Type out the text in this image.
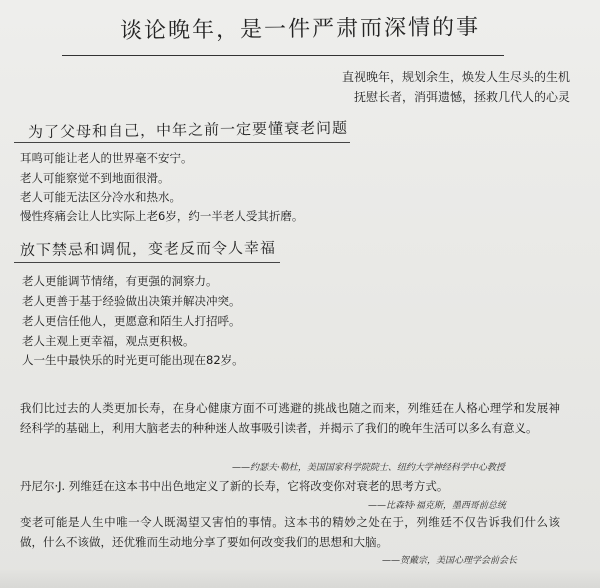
谈论晚年，是一件严肃而深情的事
直视晚年，规划余生，焕发人生尽头的生机
抚慰长者，消弭遗憾，拯救几代人的心灵
为了父母和自己，中年之前一定要懂衰老问题
耳鸣可能让老人的世界毫不安宁。
老人可能察觉不到地面很滑。
老人可能无法区分冷水和热水。
慢性疼痛会让人比实际上老6岁，约一半老人受其折磨。
放下禁忌和调侃，变老反而令人幸福
老人更能调节情绪，有更强的洞察力。
老人更善于基于经验做出决策并解决冲突。
老人更信任他人，更愿意和陌生人打招呼。
老人主观上更幸福，观点更积极。
人一生中最快乐的时光更可能出现在82岁。
我们比过去的人类更加长寿，在身心健康方面不可逃避的挑战也随之而来，列维廷在人格心理学和发展神经科学的基础上，利用大脑老去的种种迷人故事吸引读者，并揭示了我们的晚年生活可以多么有意义。
——约瑟夫·勒杜，美国国家科学院院士、纽约大学神经科学中心教授
丹尼尔·J. 列维廷在这本书中出色地定义了新的长寿，它将改变你对衰老的思考方式。
——比森特·福克斯，墨西哥前总统
变老可能是人生中唯一令人既渴望又害怕的事情。这本书的精妙之处在于，列维廷不仅告诉我们什么该做，什么不该做，还优雅而生动地分享了要如何改变我们的思想和大脑。
——贺戴宗，美国心理学会前会长
